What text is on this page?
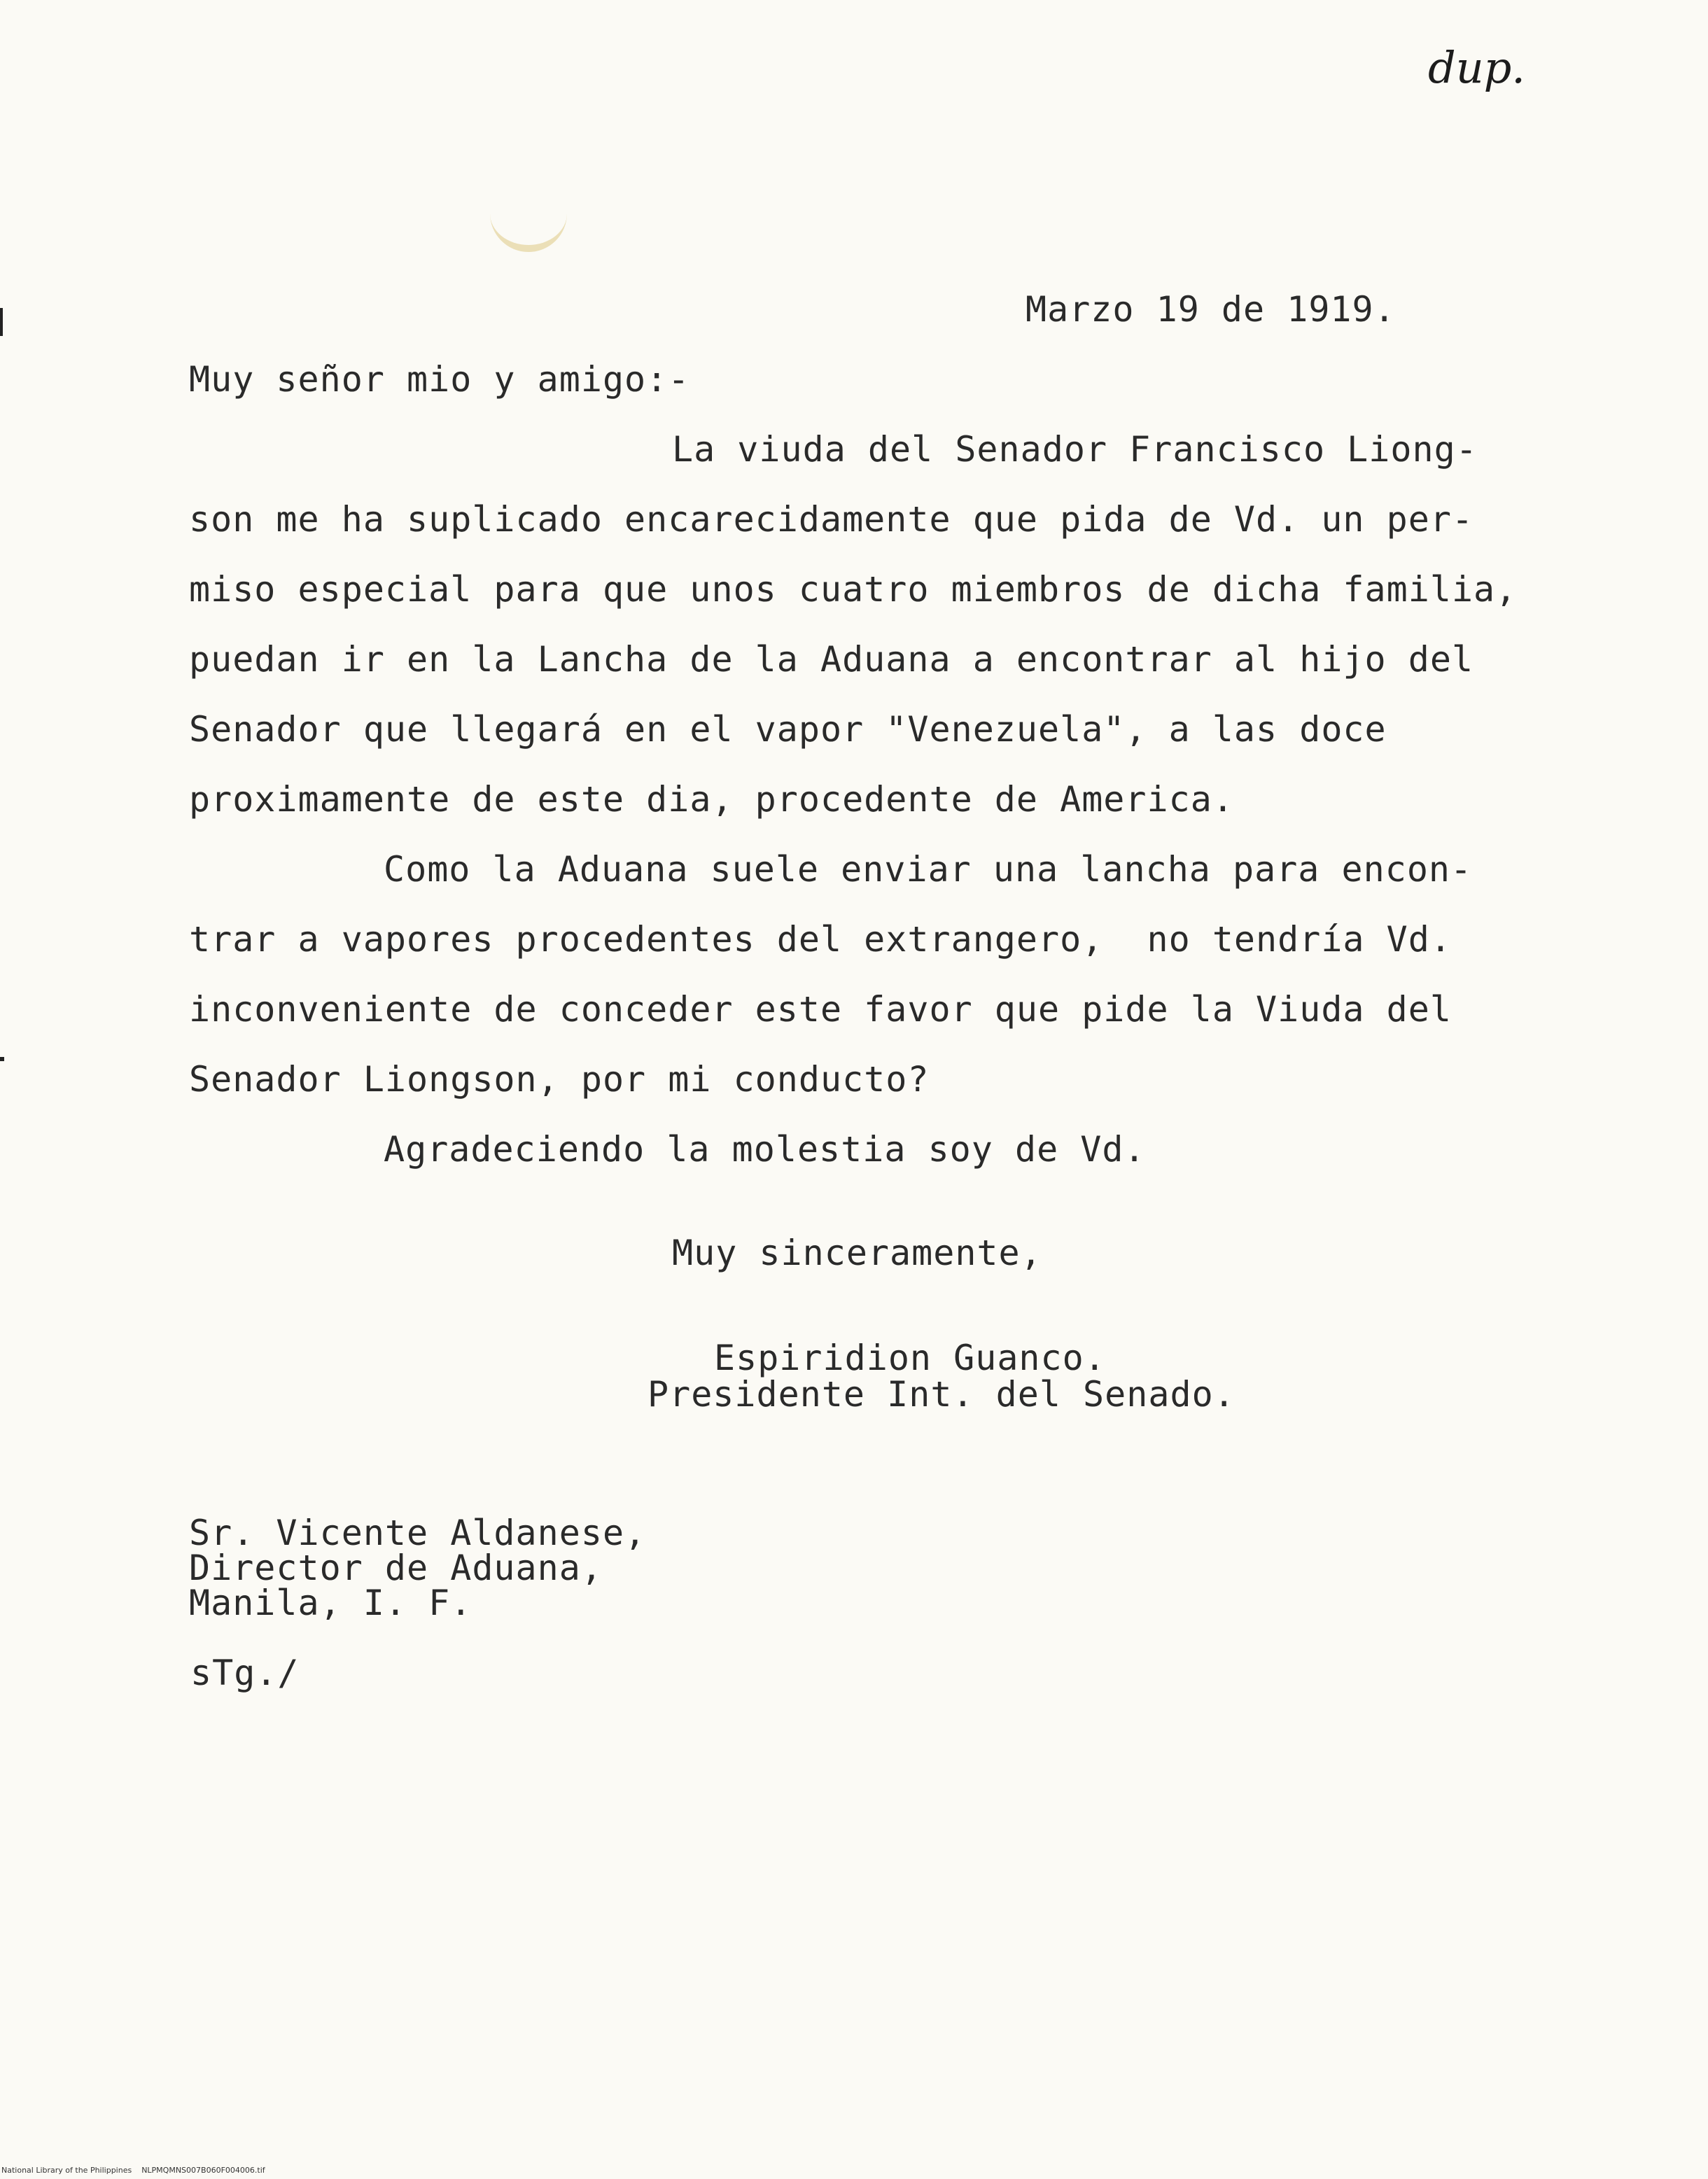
dup.
Marzo 19 de 1919.
Muy señor mio y amigo:-
La viuda del Senador Francisco Liong-
son me ha suplicado encarecidamente que pida de Vd. un per-
miso especial para que unos cuatro miembros de dicha familia,
puedan ir en la Lancha de la Aduana a encontrar al hijo del
Senador que llegará en el vapor "Venezuela", a las doce
proximamente de este dia, procedente de America.
Como la Aduana suele enviar una lancha para encon-
trar a vapores procedentes del extrangero,  no tendría Vd.
inconveniente de conceder este favor que pide la Viuda del
Senador Liongson, por mi conducto?
Agradeciendo la molestia soy de Vd.
Muy sinceramente,
Espiridion Guanco.
Presidente Int. del Senado.
Sr. Vicente Aldanese,
Director de Aduana,
Manila, I. F.
sTg./
National Library of the Philippines    NLPMQMNS007B060F004006.tif
